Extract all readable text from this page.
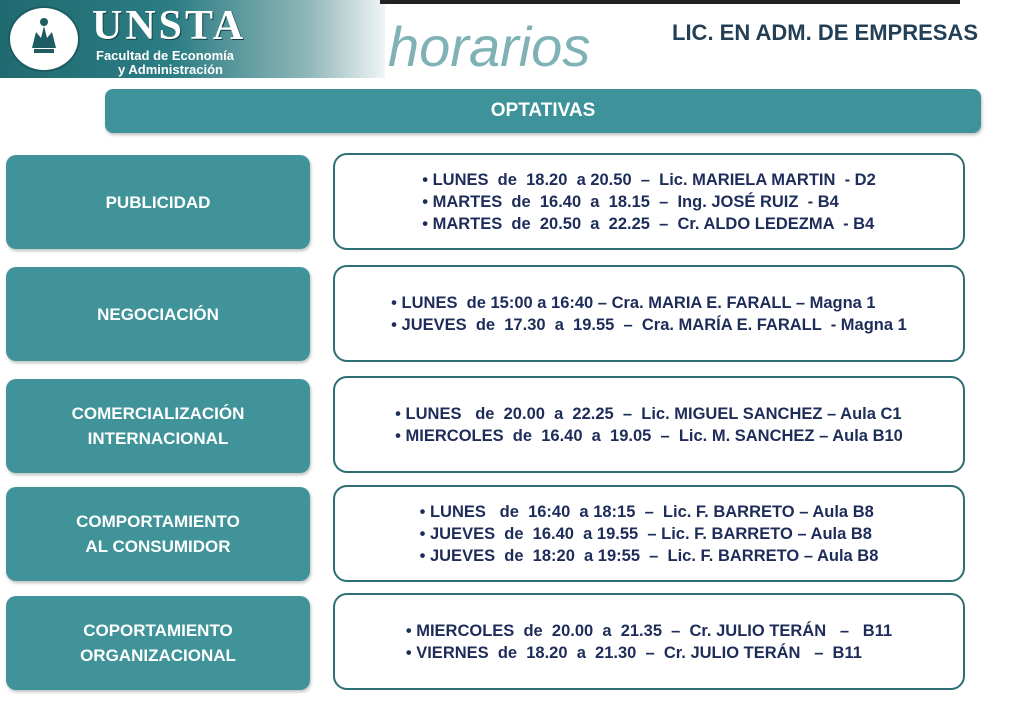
UNSTA
Facultad de Economía
y Administración	horarios	LIC. EN ADM. DE EMPRESAS
OPTATIVAS
PUBLICIDAD
• LUNES  de  18.20  a 20.50  –  Lic. MARIELA MARTIN  - D2
• MARTES  de  16.40  a  18.15  –  Ing. JOSÉ RUIZ  - B4
• MARTES  de  20.50  a  22.25  –  Cr. ALDO LEDEZMA  - B4
NEGOCIACIÓN
• LUNES  de 15:00 a 16:40 – Cra. MARIA E. FARALL – Magna 1
• JUEVES  de  17.30  a  19.55  –  Cra. MARÍA E. FARALL  - Magna 1
COMERCIALIZACIÓN
INTERNACIONAL
• LUNES   de  20.00  a  22.25  –  Lic. MIGUEL SANCHEZ – Aula C1
• MIERCOLES  de  16.40  a  19.05  –  Lic. M. SANCHEZ – Aula B10
COMPORTAMIENTO
AL CONSUMIDOR
• LUNES   de  16:40  a 18:15  –  Lic. F. BARRETO – Aula B8
• JUEVES  de  16.40  a 19.55  – Lic. F. BARRETO – Aula B8
• JUEVES  de  18:20  a 19:55  –  Lic. F. BARRETO – Aula B8
COPORTAMIENTO
ORGANIZACIONAL
• MIERCOLES  de  20.00  a  21.35  –  Cr. JULIO TERÁN   –   B11
• VIERNES  de  18.20  a  21.30  –  Cr. JULIO TERÁN   –  B11
